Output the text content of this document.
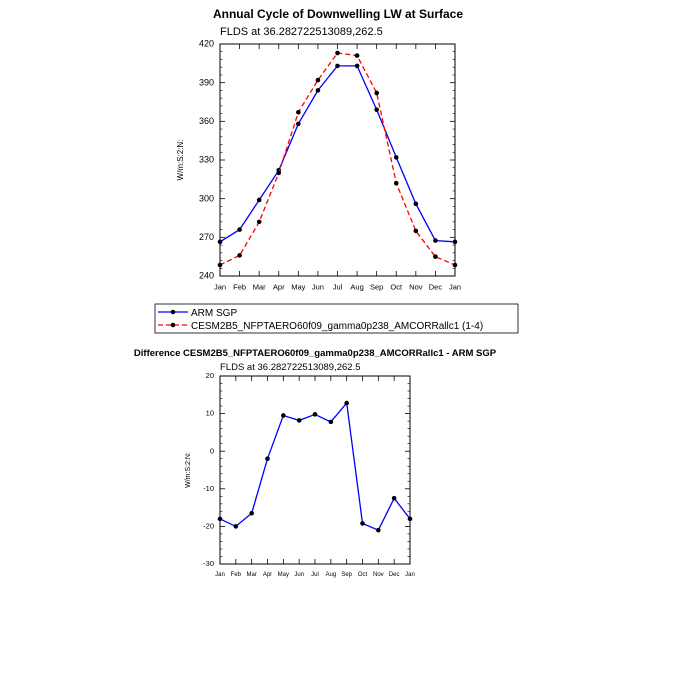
Annual Cycle of Downwelling LW at Surface
FLDS at 36.282722513089,262.5
W/m:S:2:N:
Jan Feb Mar Apr May Jun Jul Aug Sep Oct Nov Dec Jan
240
270
300
330
360
390
420
ARM SGP
CESM2B5_NFPTAERO60f09_gamma0p238_AMCORRallc1 (1-4)
Difference CESM2B5_NFPTAERO60f09_gamma0p238_AMCORRallc1 - ARM SGP
FLDS at 36.282722513089,262.5
W/m:S:2:N:
Jan Feb Mar Apr May Jun Jul Aug Sep Oct Nov Dec Jan
-30
-20
-10
0
10
20
